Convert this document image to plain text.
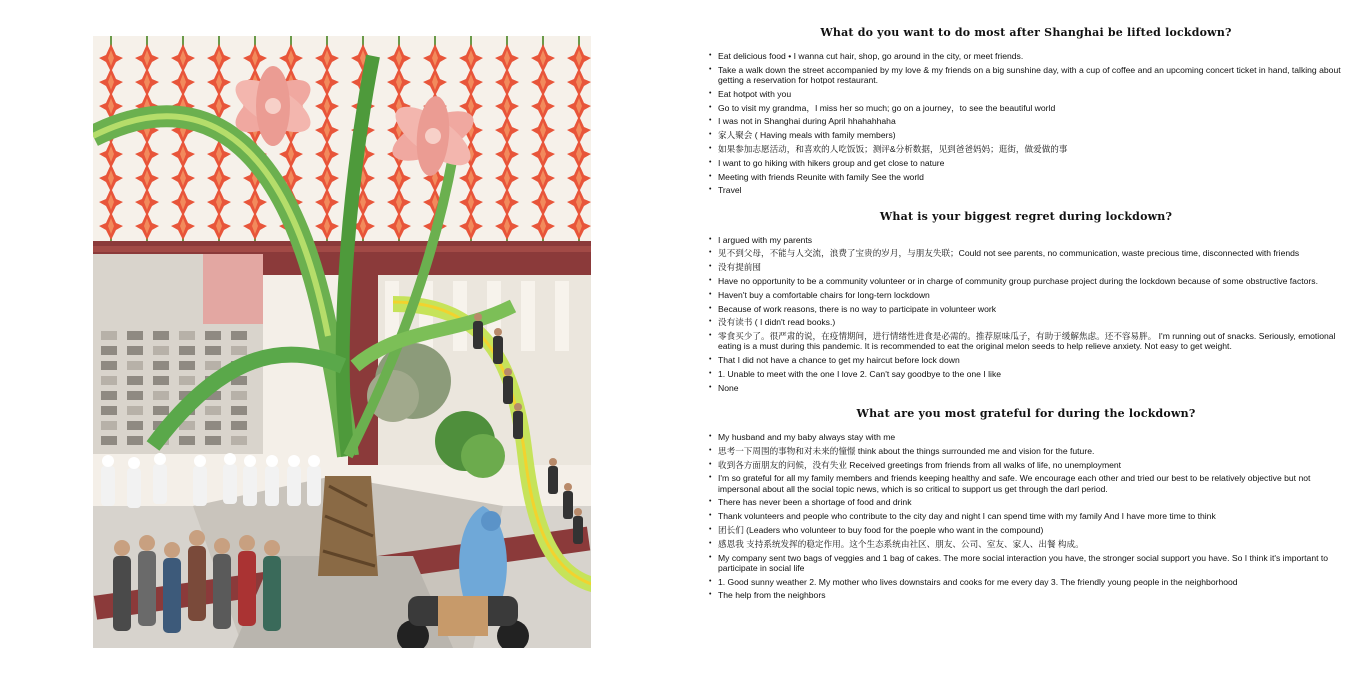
What do you want to do most after Shanghai be lifted lockdown?
• Eat delicious food • I wanna cut hair, shop, go around in the city, or meet friends.
• Take a walk down the street accompanied by my love & my friends on a big sunshine day, with a cup of coffee and an upcoming concert ticket in hand, talking about getting a reservation for hotpot restaurant.
• Eat hotpot with you
• Go to visit my grandma，I miss her so much; go on a journey，to see the beautiful world
• I was not in Shanghai during April hhahahhaha
• 家人聚会 ( Having meals with family members)
• 如果参加志愿活动，和喜欢的人吃饭饭；测评&分析数据，见到爸爸妈妈；逛街，做爱做的事
• I want to go hiking with hikers group and get close to nature
• Meeting with friends Reunite with family See the world
• Travel
What is your biggest regret during lockdown?
• I argued with my parents
• 见不到父母，不能与人交流，浪费了宝贵的岁月，与朋友失联；Could not see parents, no communication, waste precious time, disconnected with friends
• 没有提前囤
• Have no opportunity to be a community volunteer or in charge of community group purchase project during the lockdown because of some obstructive factors.
• Haven't buy a comfortable chairs for long-tern lockdown
• Because of work reasons, there is no way to participate in volunteer work
• 没有读书 ( I didn't read books.)
• 零食买少了。很严肃的说，在疫情期间，进行情绪性进食是必需的。推荐原味瓜子，有助于缓解焦虑。还不容易胖。 I'm running out of snacks. Seriously, emotional eating is a must during this pandemic. It is recommended to eat the original melon seeds to help relieve anxiety. Not easy to get weight.
• That I did not have a chance to get my haircut before lock down
• 1. Unable to meet with the one I love 2. Can't say goodbye to the one I like
• None
What are you most grateful for during the lockdown?
• My husband and my baby always stay with me
• 思考一下周围的事物和对未来的憧憬 think about the things surrounded me and vision for the future.
• 收到各方面朋友的问候，没有失业 Received greetings from friends from all walks of life, no unemployment
• I'm so grateful for all my family members and friends keeping healthy and safe. We encourage each other and tried our best to be relatively objective but not impersonal about all the social topic news, which is so critical to support us get through the darl period.
• There has never been a shortage of food and drink
• Thank volunteers and people who contribute to the city day and night I can spend time with my family And I have more time to think
• 团长们 (Leaders who volunteer to buy food for the poeple who want in the compound)
• 感恩我 支持系统发挥的稳定作用。这个生态系统由社区、朋友、公司、室友、家人、出餐 构成。
• My company sent two bags of veggies and 1 bag of cakes. The more social interaction you have, the stronger social support you have. So I think it's important to participate in social life
• 1. Good sunny weather 2. My mother who lives downstairs and cooks for me every day 3. The friendly young people in the neighborhood
• The help from the neighbors
